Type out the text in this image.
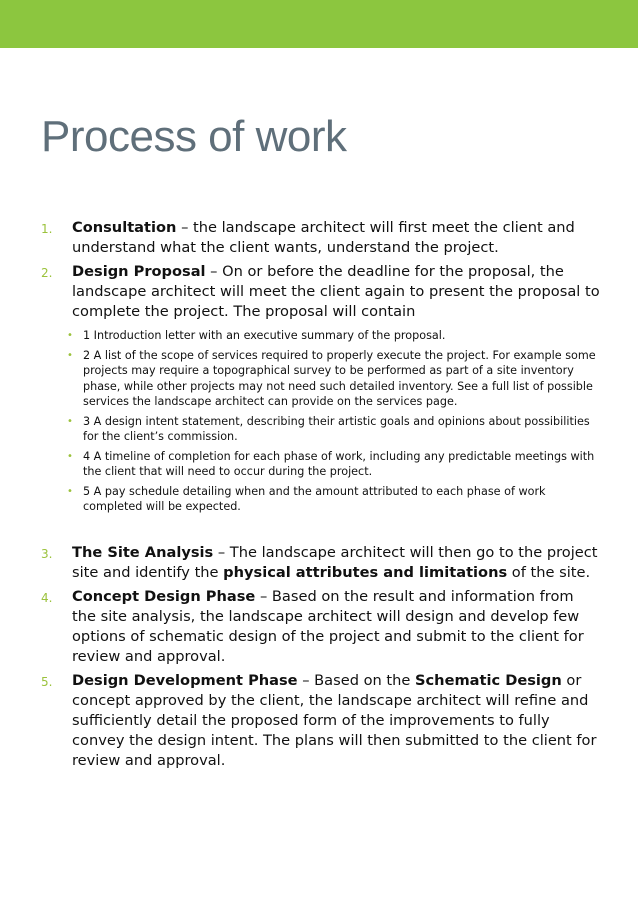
Process of work
1. Consultation – the landscape architect will first meet the client and understand what the client wants, understand the project.
2. Design Proposal – On or before the deadline for the proposal, the landscape architect will meet the client again to present the proposal to complete the project. The proposal will contain
• 1 Introduction letter with an executive summary of the proposal.
• 2 A list of the scope of services required to properly execute the project. For example some projects may require a topographical survey to be performed as part of a site inventory phase, while other projects may not need such detailed inventory. See a full list of possible services the landscape architect can provide on the services page.
• 3 A design intent statement, describing their artistic goals and opinions about possibilities for the client’s commission.
• 4 A timeline of completion for each phase of work, including any predictable meetings with the client that will need to occur during the project.
• 5 A pay schedule detailing when and the amount attributed to each phase of work completed will be expected.
3. The Site Analysis – The landscape architect will then go to the project site and identify the physical attributes and limitations of the site.
4. Concept Design Phase – Based on the result and information from the site analysis, the landscape architect will design and develop few options of schematic design of the project and submit to the client for review and approval.
5. Design Development Phase – Based on the Schematic Design or concept approved by the client, the landscape architect will refine and sufficiently detail the proposed form of the improvements to fully convey the design intent. The plans will then submitted to the client for review and approval.
